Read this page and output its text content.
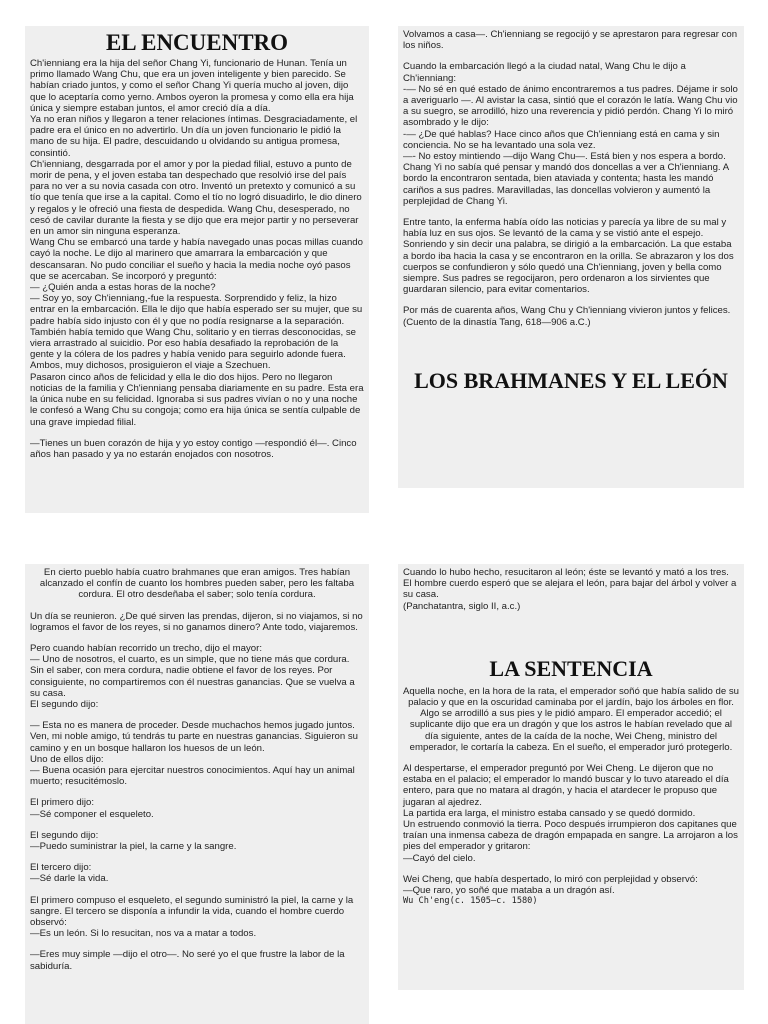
EL ENCUENTRO

Ch'ienniang era la hija del señor Chang Yi, funcionario de Hunan. Tenía un primo llamado Wang Chu, que era un joven inteligente y bien parecido. Se habían criado juntos, y como el señor Chang Yi quería mucho al joven, dijo que lo aceptaría como yerno. Ambos oyeron la promesa y como ella era hija única y siempre estaban juntos, el amor creció día a día.

Ya no eran niños y llegaron a tener relaciones íntimas. Desgraciadamente, el padre era el único en no advertirlo. Un día un joven funcionario le pidió la mano de su hija. El padre, descuidando u olvidando su antigua promesa, consintió.

Ch'ienniang, desgarrada por el amor y por la piedad filial, estuvo a punto de morir de pena, y el joven estaba tan despechado que resolvió irse del país para no ver a su novia casada con otro. Inventó un pretexto y comunicó a su tío que tenía que irse a la capital. Como el tío no logró disuadirlo, le dio dinero y regalos y le ofreció una fiesta de despedida. Wang Chu, desesperado, no cesó de cavilar durante la fiesta y se dijo que era mejor partir y no perseverar en un amor sin ninguna esperanza.

Wang Chu se embarcó una tarde y había navegado unas pocas millas cuando cayó la noche. Le dijo al marinero que amarrara la embarcación y que descansaran. No pudo conciliar el sueño y hacia la media noche oyó pasos que se acercaban. Se incorporó y preguntó:

— ¿Quién anda a estas horas de la noche?

— Soy yo, soy Ch'ienniang,-fue la respuesta. Sorprendido y feliz, la hizo entrar en la embarcación. Ella le dijo que había esperado ser su mujer, que su padre había sido injusto con él y que no podía resignarse a la separación. También había temido que Wang Chu, solitario y en tierras desconocidas, se viera arrastrado al suicidio. Por eso había desafiado la reprobación de la gente y la cólera de los padres y había venido para seguirlo adonde fuera.

Ambos, muy dichosos, prosiguieron el viaje a Szechuen.

Pasaron cinco años de felicidad y ella le dio dos hijos. Pero no llegaron noticias de la familia y Ch'ienniang pensaba diariamente en su padre. Esta era la única nube en su felicidad. Ignoraba si sus padres vivían o no y una noche le confesó a Wang Chu su congoja; como era hija única se sentía culpable de una grave impiedad filial.

—Tienes un buen corazón de hija y yo estoy contigo —respondió él—. Cinco años han pasado y ya no estarán enojados con nosotros.

Volvamos a casa—. Ch'ienniang se regocijó y se aprestaron para regresar con los niños.

Cuando la embarcación llegó a la ciudad natal, Wang Chu le dijo a Ch'ienniang:

-— No sé en qué estado de ánimo encontraremos a tus padres. Déjame ir solo a averiguarlo —. Al avistar la casa, sintió que el corazón le latía. Wang Chu vio a su suegro, se arrodilló, hizo una reverencia y pidió perdón. Chang Yi lo miró asombrado y le dijo:

-— ¿De qué hablas? Hace cinco años que Ch'ienniang está en cama y sin conciencia. No se ha levantado una sola vez.

—- No estoy mintiendo —dijo Wang Chu—. Está bien y nos espera a bordo.

Chang Yi no sabía qué pensar y mandó dos doncellas a ver a Ch'ienniang. A bordo la encontraron sentada, bien ataviada y contenta; hasta les mandó cariños a sus padres. Maravilladas, las doncellas volvieron y aumentó la perplejidad de Chang Yi.

Entre tanto, la enferma había oído las noticias y parecía ya libre de su mal y había luz en sus ojos. Se levantó de la cama y se vistió ante el espejo. Sonriendo y sin decir una palabra, se dirigió a la embarcación. La que estaba a bordo iba hacia la casa y se encontraron en la orilla. Se abrazaron y los dos cuerpos se confundieron y sólo quedó una Ch'ienniang, joven y bella como siempre. Sus padres se regocijaron, pero ordenaron a los sirvientes que guardaran silencio, para evitar comentarios.

Por más de cuarenta años, Wang Chu y Ch'ienniang vivieron juntos y felices.

(Cuento de la dinastía Tang, 618—906 a.C.)

LOS BRAHMANES Y EL LEÓN

En cierto pueblo había cuatro brahmanes que eran amigos. Tres habían alcanzado el confín de cuanto los hombres pueden saber, pero les faltaba cordura. El otro desdeñaba el saber; solo tenía cordura.

Un día se reunieron. ¿De qué sirven las prendas, dijeron, si no viajamos, si no logramos el favor de los reyes, si no ganamos dinero? Ante todo, viajaremos.

Pero cuando habían recorrido un trecho, dijo el mayor:

— Uno de nosotros, el cuarto, es un simple, que no tiene más que cordura. Sin el saber, con mera cordura, nadie obtiene el favor de los reyes. Por consiguiente, no compartiremos con él nuestras ganancias. Que se vuelva a su casa.

El segundo dijo:

— Esta no es manera de proceder. Desde muchachos hemos jugado juntos. Ven, mi noble amigo, tú tendrás tu parte en nuestras ganancias. Siguieron su camino y en un bosque hallaron los huesos de un león.

Uno de ellos dijo:

— Buena ocasión para ejercitar nuestros conocimientos. Aquí hay un animal muerto; resucitémoslo.

El primero dijo:

—Sé componer el esqueleto.

El segundo dijo:

—Puedo suministrar la piel, la carne y la sangre.

El tercero dijo:

—Sé darle la vida.

El primero compuso el esqueleto, el segundo suministró la piel, la carne y la sangre. El tercero se disponía a infundir la vida, cuando el hombre cuerdo observó:

—Es un león. Si lo resucitan, nos va a matar a todos.

—Eres muy simple —dijo el otro—. No seré yo el que frustre la labor de la sabiduría.

Cuando lo hubo hecho, resucitaron al león; éste se levantó y mató a los tres. El hombre cuerdo esperó que se alejara el león, para bajar del árbol y volver a su casa.

(Panchatantra, siglo II, a.c.)

LA SENTENCIA

Aquella noche, en la hora de la rata, el emperador soñó que había salido de su palacio y que en la oscuridad caminaba por el jardín, bajo los árboles en flor.

Algo se arrodilló a sus pies y le pidió amparo. El emperador accedió; el suplicante dijo que era un dragón y que los astros le habían revelado que al día siguiente, antes de la caída de la noche, Wei Cheng, ministro del emperador, le cortaría la cabeza. En el sueño, el emperador juró protegerlo.

Al despertarse, el emperador preguntó por Wei Cheng. Le dijeron que no estaba en el palacio; el emperador lo mandó buscar y lo tuvo atareado el día entero, para que no matara al dragón, y hacia el atardecer le propuso que jugaran al ajedrez.

La partida era larga, el ministro estaba cansado y se quedó dormido.

Un estruendo conmovió la tierra. Poco después irrumpieron dos capitanes que traían una inmensa cabeza de dragón empapada en sangre. La arrojaron a los pies del emperador y gritaron:

—Cayó del cielo.

Wei Cheng, que había despertado, lo miró con perplejidad y observó:

—Que raro, yo soñé que mataba a un dragón así.

Wu Ch'eng(c. 1505—c. 1580)
